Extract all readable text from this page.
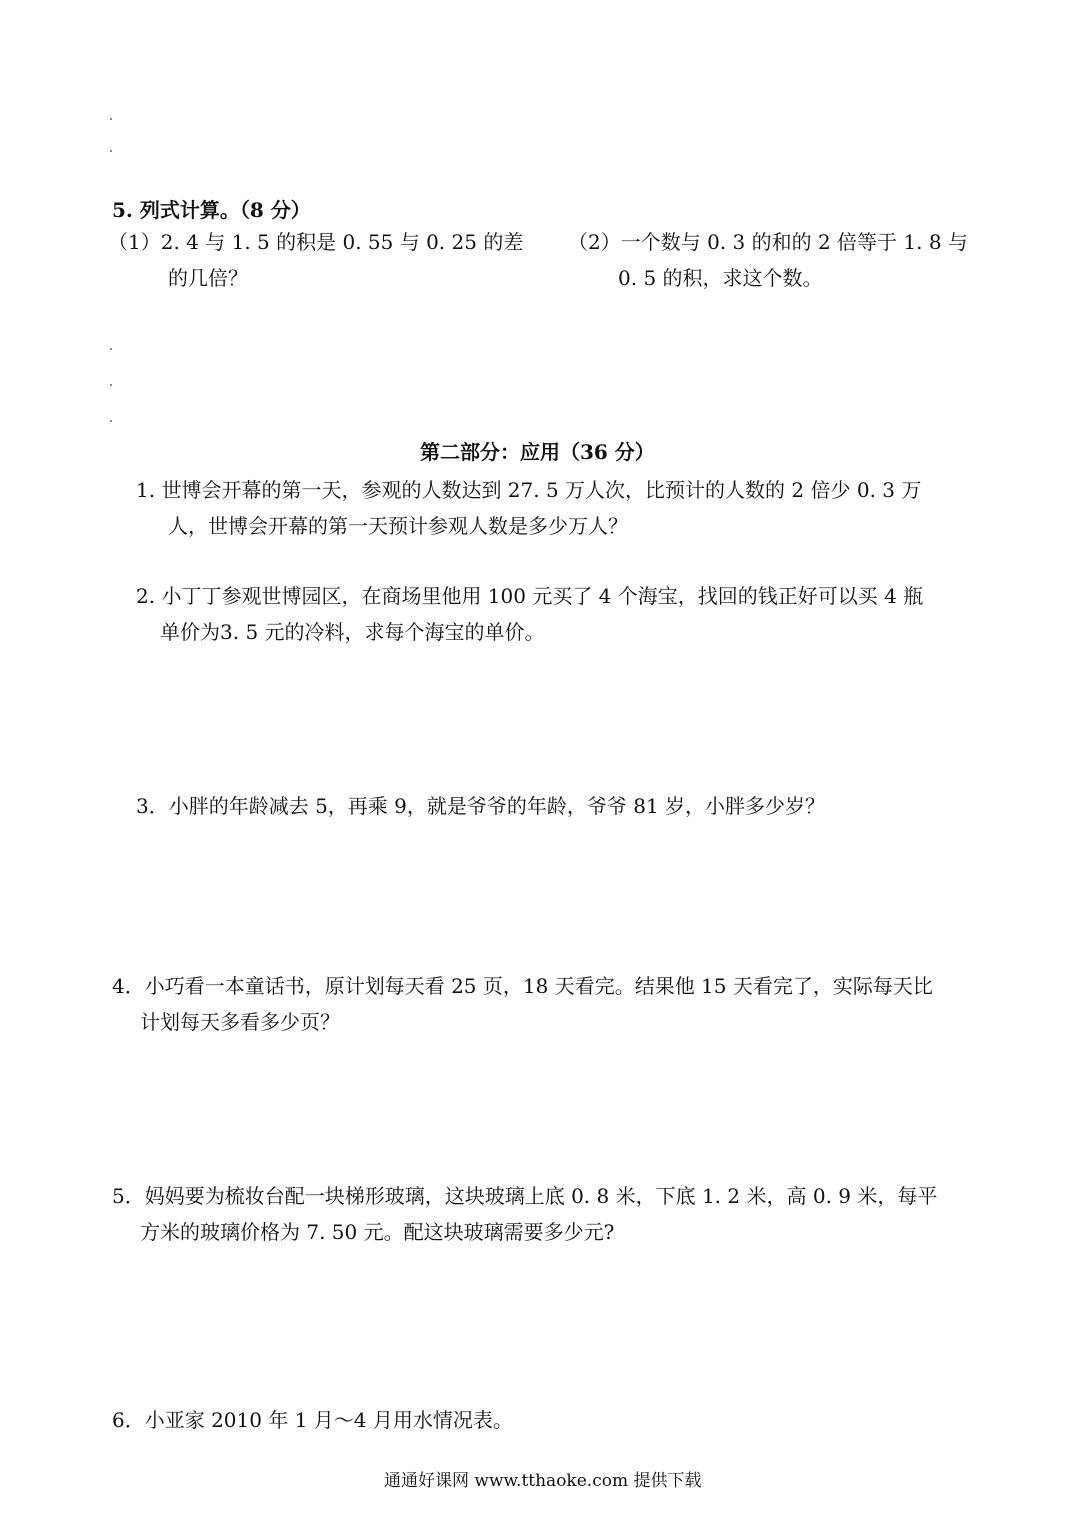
5. 列式计算。（8 分）
（1）2. 4 与 1. 5 的积是 0. 55 与 0. 25 的差
的几倍？
（2）一个数与 0. 3 的和的 2 倍等于 1. 8 与
0. 5 的积，求这个数。
第二部分：应用（36 分）
1. 世博会开幕的第一天，参观的人数达到 27. 5 万人次，比预计的人数的 2 倍少 0. 3 万
人，世博会开幕的第一天预计参观人数是多少万人？
2. 小丁丁参观世博园区，在商场里他用 100 元买了 4 个海宝，找回的钱正好可以买 4 瓶
单价为3. 5 元的冷料，求每个海宝的单价。
3．小胖的年龄减去 5，再乘 9，就是爷爷的年龄，爷爷 81 岁，小胖多少岁？
4．小巧看一本童话书，原计划每天看 25 页，18 天看完。结果他 15 天看完了，实际每天比
计划每天多看多少页？
5．妈妈要为梳妆台配一块梯形玻璃，这块玻璃上底 0. 8 米，下底 1. 2 米，高 0. 9 米，每平
方米的玻璃价格为 7. 50 元。配这块玻璃需要多少元?
6．小亚家 2010 年 1 月～4 月用水情况表。
通通好课网 www.tthaoke.com 提供下载
